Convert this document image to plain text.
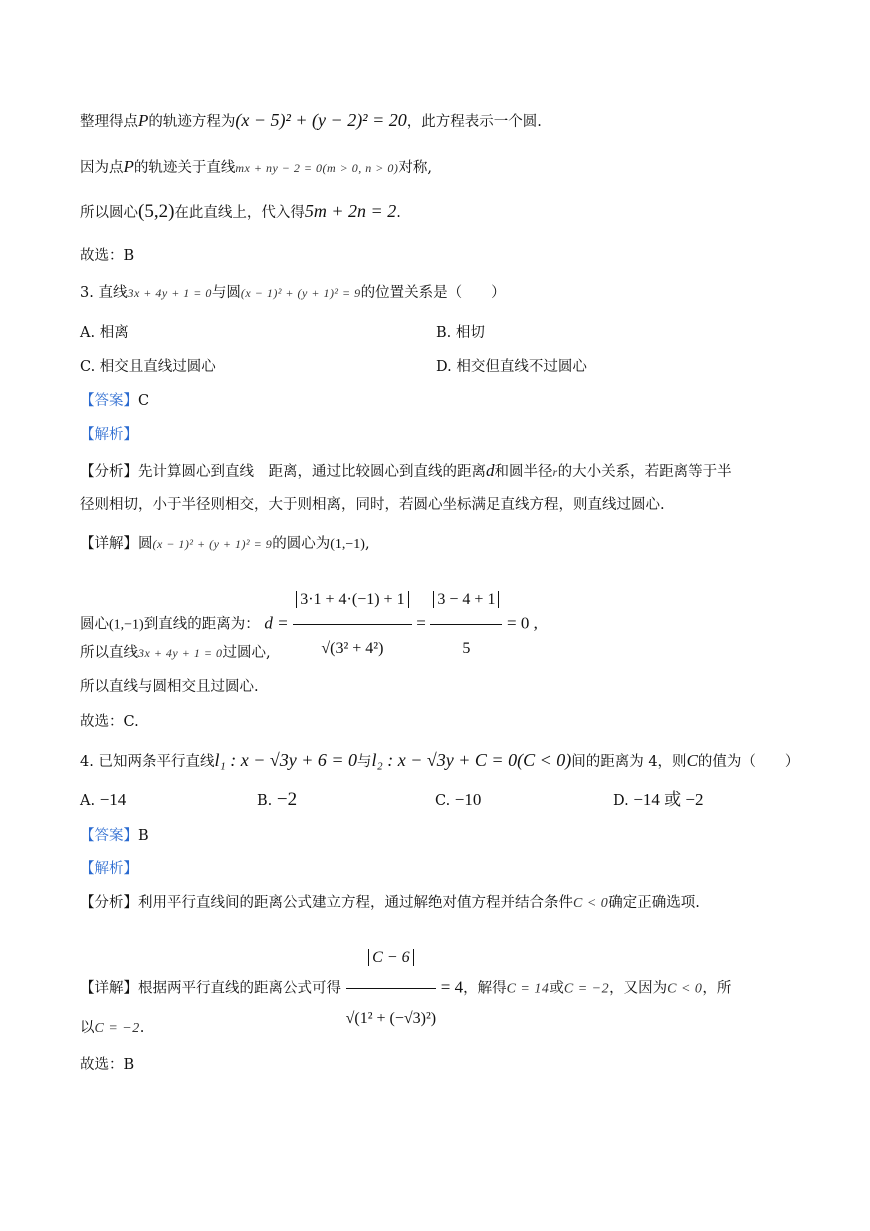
整理得点P的轨迹方程为(x − 5)² + (y − 2)² = 20，此方程表示一个圆.
因为点P的轨迹关于直线mx + ny − 2 = 0(m > 0, n > 0)对称,
所以圆心(5,2)在此直线上，代入得5m + 2n = 2.
故选：B
3. 直线3x + 4y + 1 = 0与圆(x − 1)² + (y + 1)² = 9的位置关系是（　　）
A. 相离	B. 相切
C. 相交且直线过圆心	D. 相交但直线不过圆心
【答案】C
【解析】
【分析】先计算圆心到直线　距离，通过比较圆心到直线的距离d和圆半径r的大小关系，若距离等于半
径则相切，小于半径则相交，大于则相离，同时，若圆心坐标满足直线方程，则直线过圆心.
【详解】圆(x − 1)² + (y + 1)² = 9的圆心为(1,−1),
圆心(1,−1)到直线的距离为： $d = \frac{3\cdot 1 + 4\cdot(-1) + 1}{\text{√(3² + 4²)}} = \frac{3 - 4 + 1}{5} = 0$ ,
所以直线3x + 4y + 1 = 0过圆心,
所以直线与圆相交且过圆心.
故选：C.
4. 已知两条平行直线l₁ : x − √3y + 6 = 0与l₂ : x − √3y + C = 0(C < 0)间的距离为 4，则C的值为（　　）
A. −14	B. −2	C. −10	D. −14 或 −2
【答案】B
【解析】
【分析】利用平行直线间的距离公式建立方程，通过解绝对值方程并结合条件C < 0确定正确选项.
【详解】根据两平行直线的距离公式可得 $\frac{C - 6}{\text{√(1² + (−√3)²)}} = 4$，解得C = 14或C = −2，又因为C < 0，所
以C = −2.
故选：B
